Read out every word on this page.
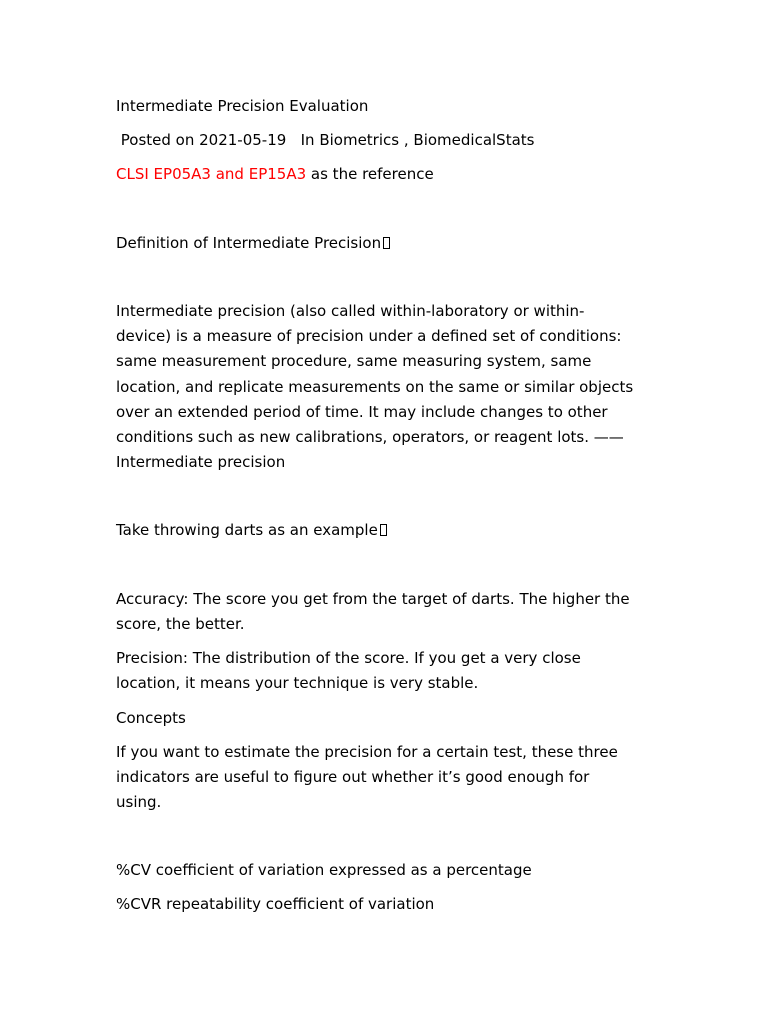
Intermediate Precision Evaluation
Posted on 2021-05-19   In Biometrics , BiomedicalStats
CLSI EP05A3 and EP15A3 as the reference
Definition of Intermediate Precision
Intermediate precision (also called within-laboratory or within-
device) is a measure of precision under a defined set of conditions:
same measurement procedure, same measuring system, same
location, and replicate measurements on the same or similar objects
over an extended period of time. It may include changes to other
conditions such as new calibrations, operators, or reagent lots. ——
Intermediate precision
Take throwing darts as an example
Accuracy: The score you get from the target of darts. The higher the
score, the better.
Precision: The distribution of the score. If you get a very close
location, it means your technique is very stable.
Concepts
If you want to estimate the precision for a certain test, these three
indicators are useful to figure out whether it’s good enough for
using.
%CV coefficient of variation expressed as a percentage
%CVR repeatability coefficient of variation
